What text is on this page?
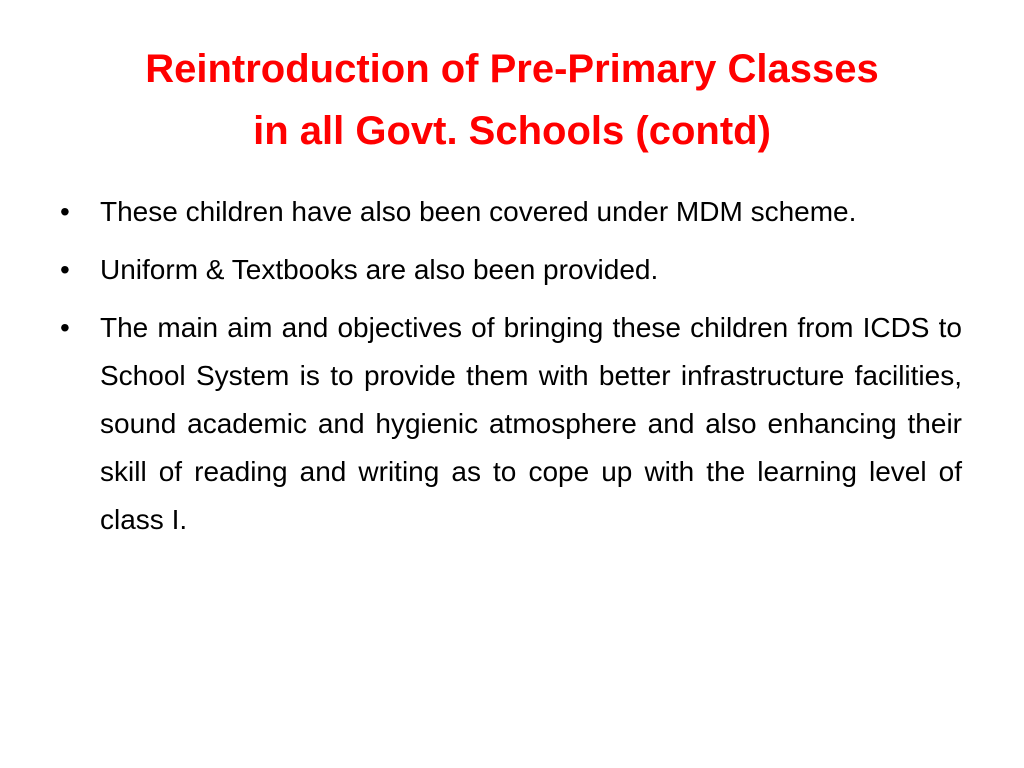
Reintroduction of Pre-Primary Classes
in all Govt. Schools (contd)
•	These children have also been covered under MDM scheme.
•	Uniform & Textbooks are also been provided.
•	The main aim and objectives of bringing these children from ICDS to School System is to provide them with better infrastructure facilities, sound academic and hygienic atmosphere and also enhancing their skill of reading and writing as to cope up with the learning level of class I.
